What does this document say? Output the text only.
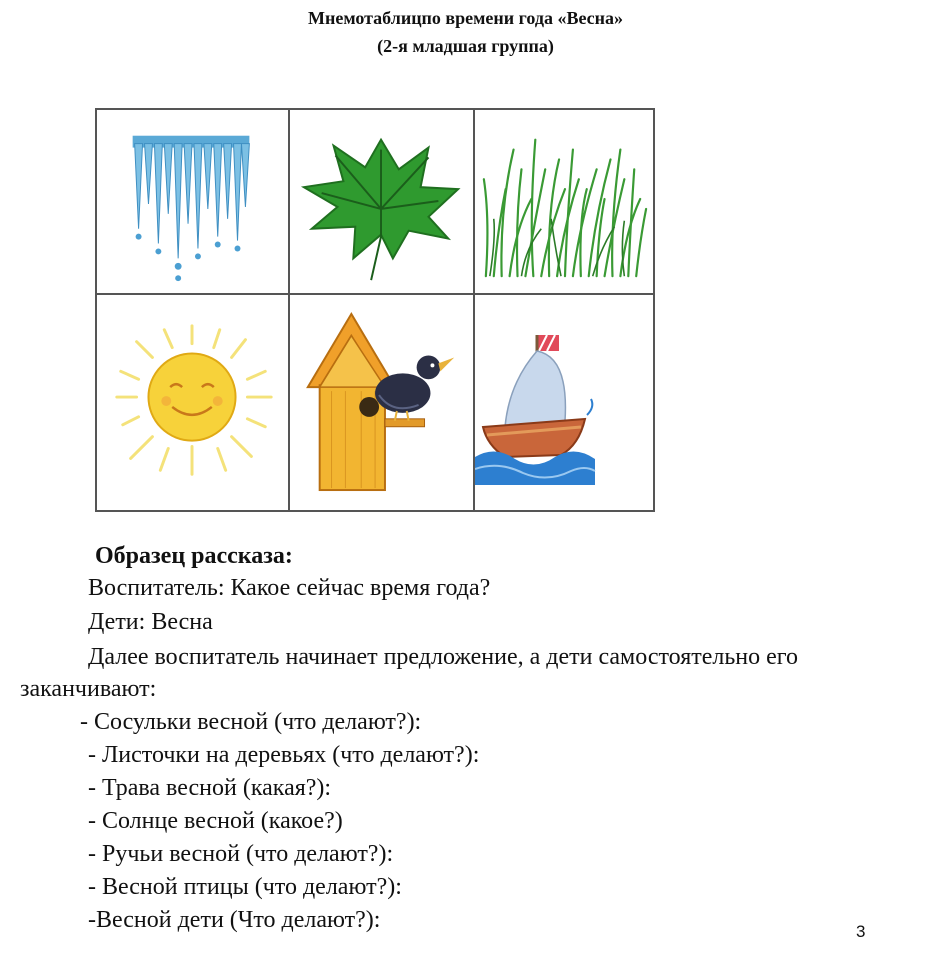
Мнемотаблицпо времени года «Весна»
(2-я младшая группа)
Образец рассказа:
Воспитатель: Какое сейчас время года?
Дети: Весна
Далее воспитатель начинает предложение, а дети самостоятельно его
заканчивают:
- Сосульки весной (что делают?):
- Листочки на деревьях (что делают?):
- Трава весной (какая?):
- Солнце весной (какое?)
- Ручьи весной (что делают?):
- Весной птицы (что делают?):
-Весной дети (Что делают?):	3
